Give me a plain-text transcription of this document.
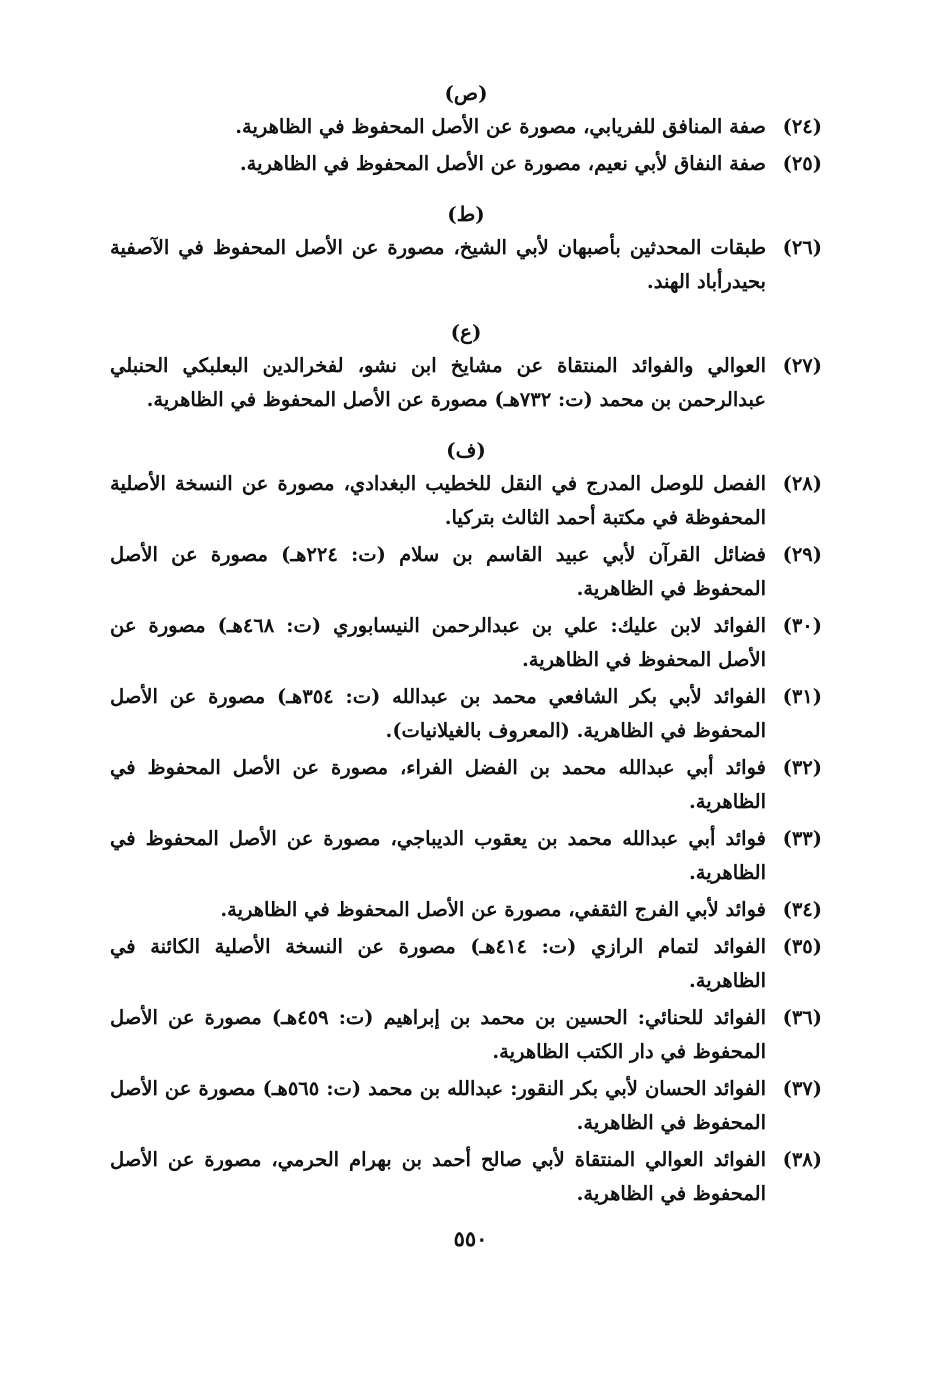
(ص)
(٢٤)
صفة المنافق للفريابي، مصورة عن الأصل المحفوظ في الظاهرية.
(٢٥)
صفة النفاق لأبي نعيم، مصورة عن الأصل المحفوظ في الظاهرية.
(ط)
(٢٦)
طبقات المحدثين بأصبهان لأبي الشيخ، مصورة عن الأصل المحفوظ في الآصفية بحيدرأباد الهند.
(ع)
(٢٧)
العوالي والفوائد المنتقاة عن مشايخ ابن نشو، لفخرالدين البعلبكي الحنبلي عبدالرحمن بن محمد (ت: ٧٣٢هـ) مصورة عن الأصل المحفوظ في الظاهرية.
(ف)
(٢٨)
الفصل للوصل المدرج في النقل للخطيب البغدادي، مصورة عن النسخة الأصلية المحفوظة في مكتبة أحمد الثالث بتركيا.
(٢٩)
فضائل القرآن لأبي عبيد القاسم بن سلام (ت: ٢٢٤هـ) مصورة عن الأصل المحفوظ في الظاهرية.
(٣٠)
الفوائد لابن عليك: علي بن عبدالرحمن النيسابوري (ت: ٤٦٨هـ) مصورة عن الأصل المحفوظ في الظاهرية.
(٣١)
الفوائد لأبي بكر الشافعي محمد بن عبدالله (ت: ٣٥٤هـ) مصورة عن الأصل المحفوظ في الظاهرية. (المعروف بالغيلانيات).
(٣٢)
فوائد أبي عبدالله محمد بن الفضل الفراء، مصورة عن الأصل المحفوظ في الظاهرية.
(٣٣)
فوائد أبي عبدالله محمد بن يعقوب الديباجي، مصورة عن الأصل المحفوظ في الظاهرية.
(٣٤)
فوائد لأبي الفرج الثقفي، مصورة عن الأصل المحفوظ في الظاهرية.
(٣٥)
الفوائد لتمام الرازي (ت: ٤١٤هـ) مصورة عن النسخة الأصلية الكائنة في الظاهرية.
(٣٦)
الفوائد للحنائي: الحسين بن محمد بن إبراهيم (ت: ٤٥٩هـ) مصورة عن الأصل المحفوظ في دار الكتب الظاهرية.
(٣٧)
الفوائد الحسان لأبي بكر النقور: عبدالله بن محمد (ت: ٥٦٥هـ) مصورة عن الأصل المحفوظ في الظاهرية.
(٣٨)
الفوائد العوالي المنتقاة لأبي صالح أحمد بن بهرام الحرمي، مصورة عن الأصل المحفوظ في الظاهرية.
٥٥٠
